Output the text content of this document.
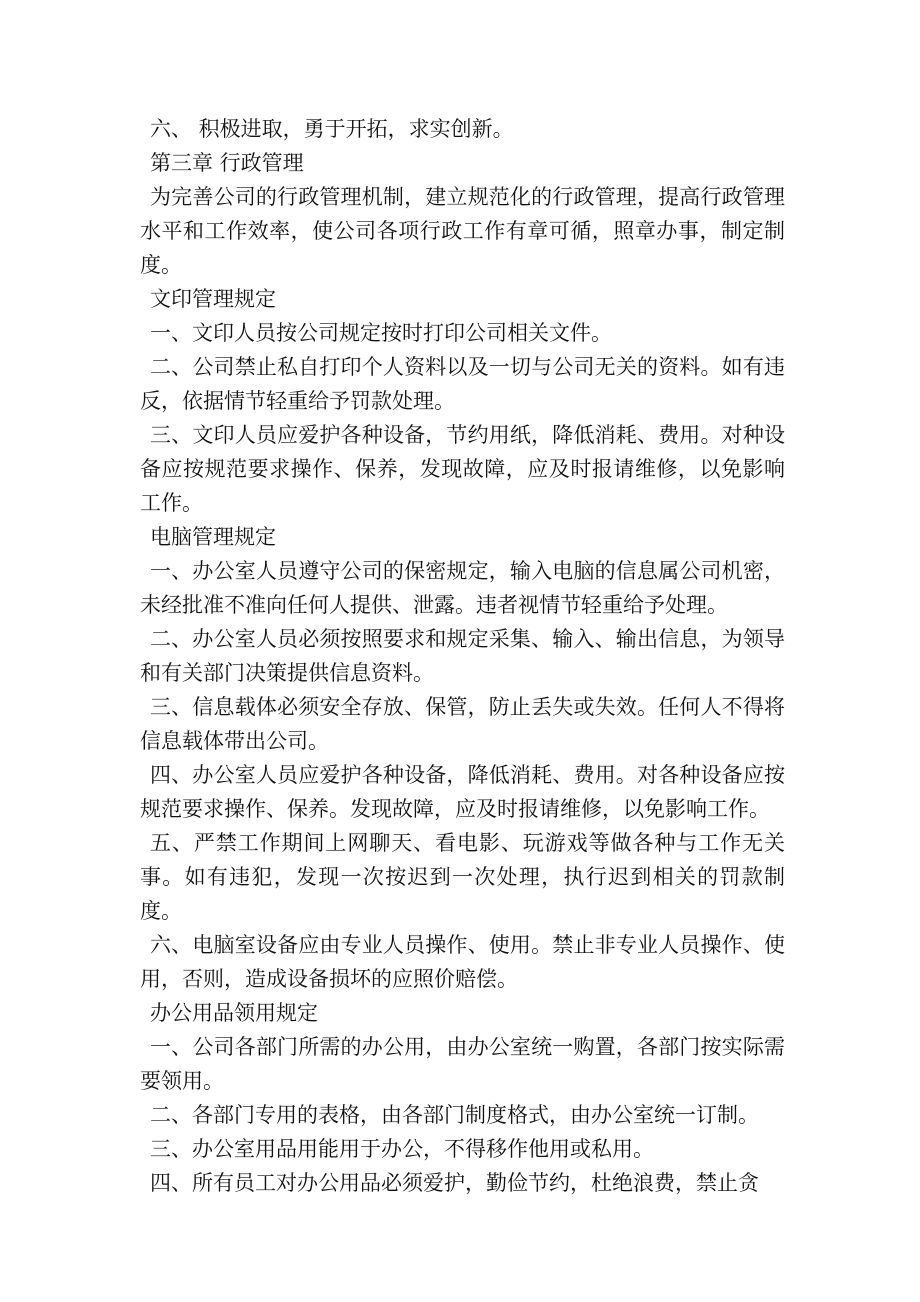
六、 积极进取，勇于开拓，求实创新。

第三章 行政管理

为完善公司的行政管理机制，建立规范化的行政管理，提高行政管理水平和工作效率，使公司各项行政工作有章可循，照章办事，制定制度。

文印管理规定

一、文印人员按公司规定按时打印公司相关文件。

二、公司禁止私自打印个人资料以及一切与公司无关的资料。如有违反，依据情节轻重给予罚款处理。

三、文印人员应爱护各种设备，节约用纸，降低消耗、费用。对种设备应按规范要求操作、保养，发现故障，应及时报请维修，以免影响工作。

电脑管理规定

一、办公室人员遵守公司的保密规定，输入电脑的信息属公司机密，未经批准不准向任何人提供、泄露。违者视情节轻重给予处理。

二、办公室人员必须按照要求和规定采集、输入、输出信息，为领导和有关部门决策提供信息资料。

三、信息载体必须安全存放、保管，防止丢失或失效。任何人不得将信息载体带出公司。

四、办公室人员应爱护各种设备，降低消耗、费用。对各种设备应按规范要求操作、保养。发现故障，应及时报请维修，以免影响工作。

五、严禁工作期间上网聊天、看电影、玩游戏等做各种与工作无关事。如有违犯，发现一次按迟到一次处理，执行迟到相关的罚款制度。

六、电脑室设备应由专业人员操作、使用。禁止非专业人员操作、使用，否则，造成设备损坏的应照价赔偿。

办公用品领用规定

一、公司各部门所需的办公用，由办公室统一购置，各部门按实际需要领用。

二、各部门专用的表格，由各部门制度格式，由办公室统一订制。

三、办公室用品用能用于办公，不得移作他用或私用。

四、所有员工对办公用品必须爱护，勤俭节约，杜绝浪费，禁止贪
